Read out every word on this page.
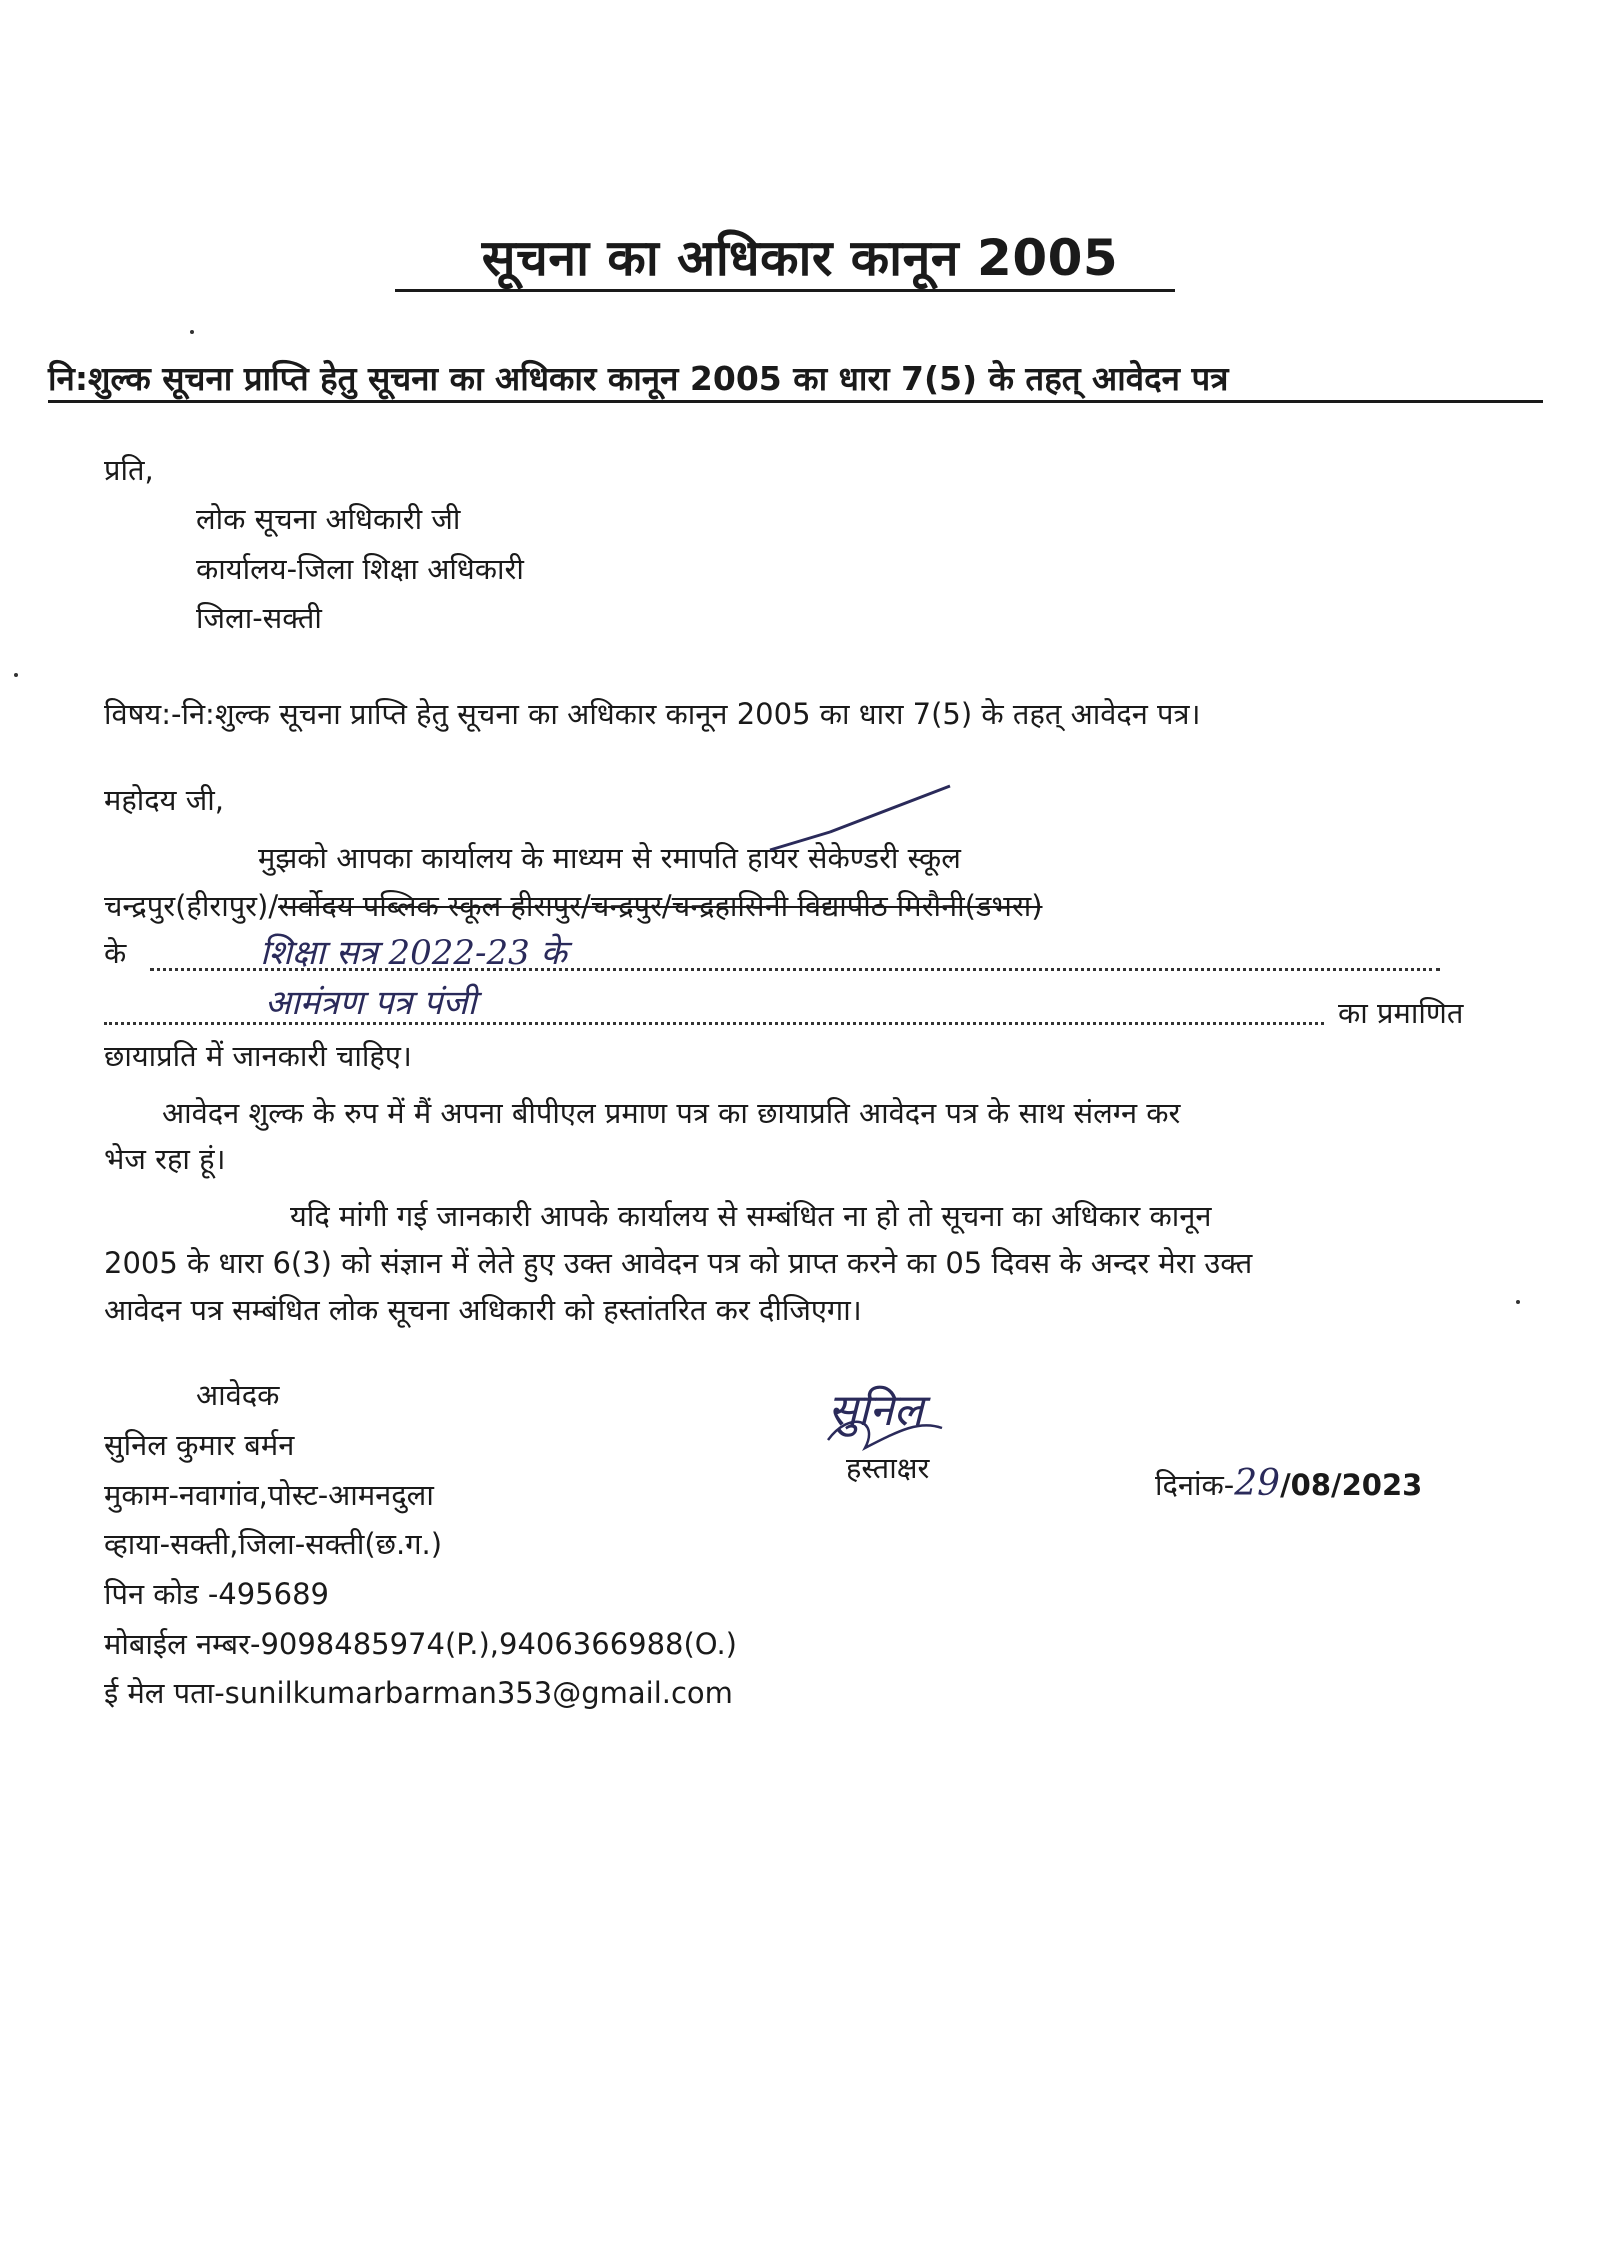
सूचना का अधिकार कानून 2005
नि:शुल्क सूचना प्राप्ति हेतु सूचना का अधिकार कानून 2005 का धारा 7(5) के तहत् आवेदन पत्र
प्रति,
लोक सूचना अधिकारी जी
कार्यालय-जिला शिक्षा अधिकारी
जिला-सक्ती
विषय:-नि:शुल्क सूचना प्राप्ति हेतु सूचना का अधिकार कानून 2005 का धारा 7(5) के तहत् आवेदन पत्र।
महोदय जी,
मुझको आपका कार्यालय के माध्यम से रमापति हायर सेकेण्डरी स्कूल
चन्द्रपुर(हीरापुर)/सर्वोदय पब्लिक स्कूल हीरापुर/चन्द्रपुर/चन्द्रहासिनी विद्यापीठ मिरौनी(डभरा)
के	शिक्षा सत्र 2022-23 के
आमंत्रण पत्र पंजी	का प्रमाणित
छायाप्रति में जानकारी चाहिए।
आवेदन शुल्क के रुप में मैं अपना बीपीएल प्रमाण पत्र का छायाप्रति आवेदन पत्र के साथ संलग्न कर
भेज रहा हूं।
यदि मांगी गई जानकारी आपके कार्यालय से सम्बंधित ना हो तो सूचना का अधिकार कानून
2005 के धारा 6(3) को संज्ञान में लेते हुए उक्त आवेदन पत्र को प्राप्त करने का 05 दिवस के अन्दर मेरा उक्त
आवेदन पत्र सम्बंधित लोक सूचना अधिकारी को हस्तांतरित कर दीजिएगा।
आवेदक
सुनिल कुमार बर्मन
मुकाम-नवागांव,पोस्ट-आमनदुला
व्हाया-सक्ती,जिला-सक्ती(छ.ग.)
पिन कोड -495689
मोबाईल नम्बर-9098485974(P.),9406366988(O.)
ई मेल पता-sunilkumarbarman353@gmail.com
सुनिल
हस्ताक्षर	दिनांक-29/08/2023
